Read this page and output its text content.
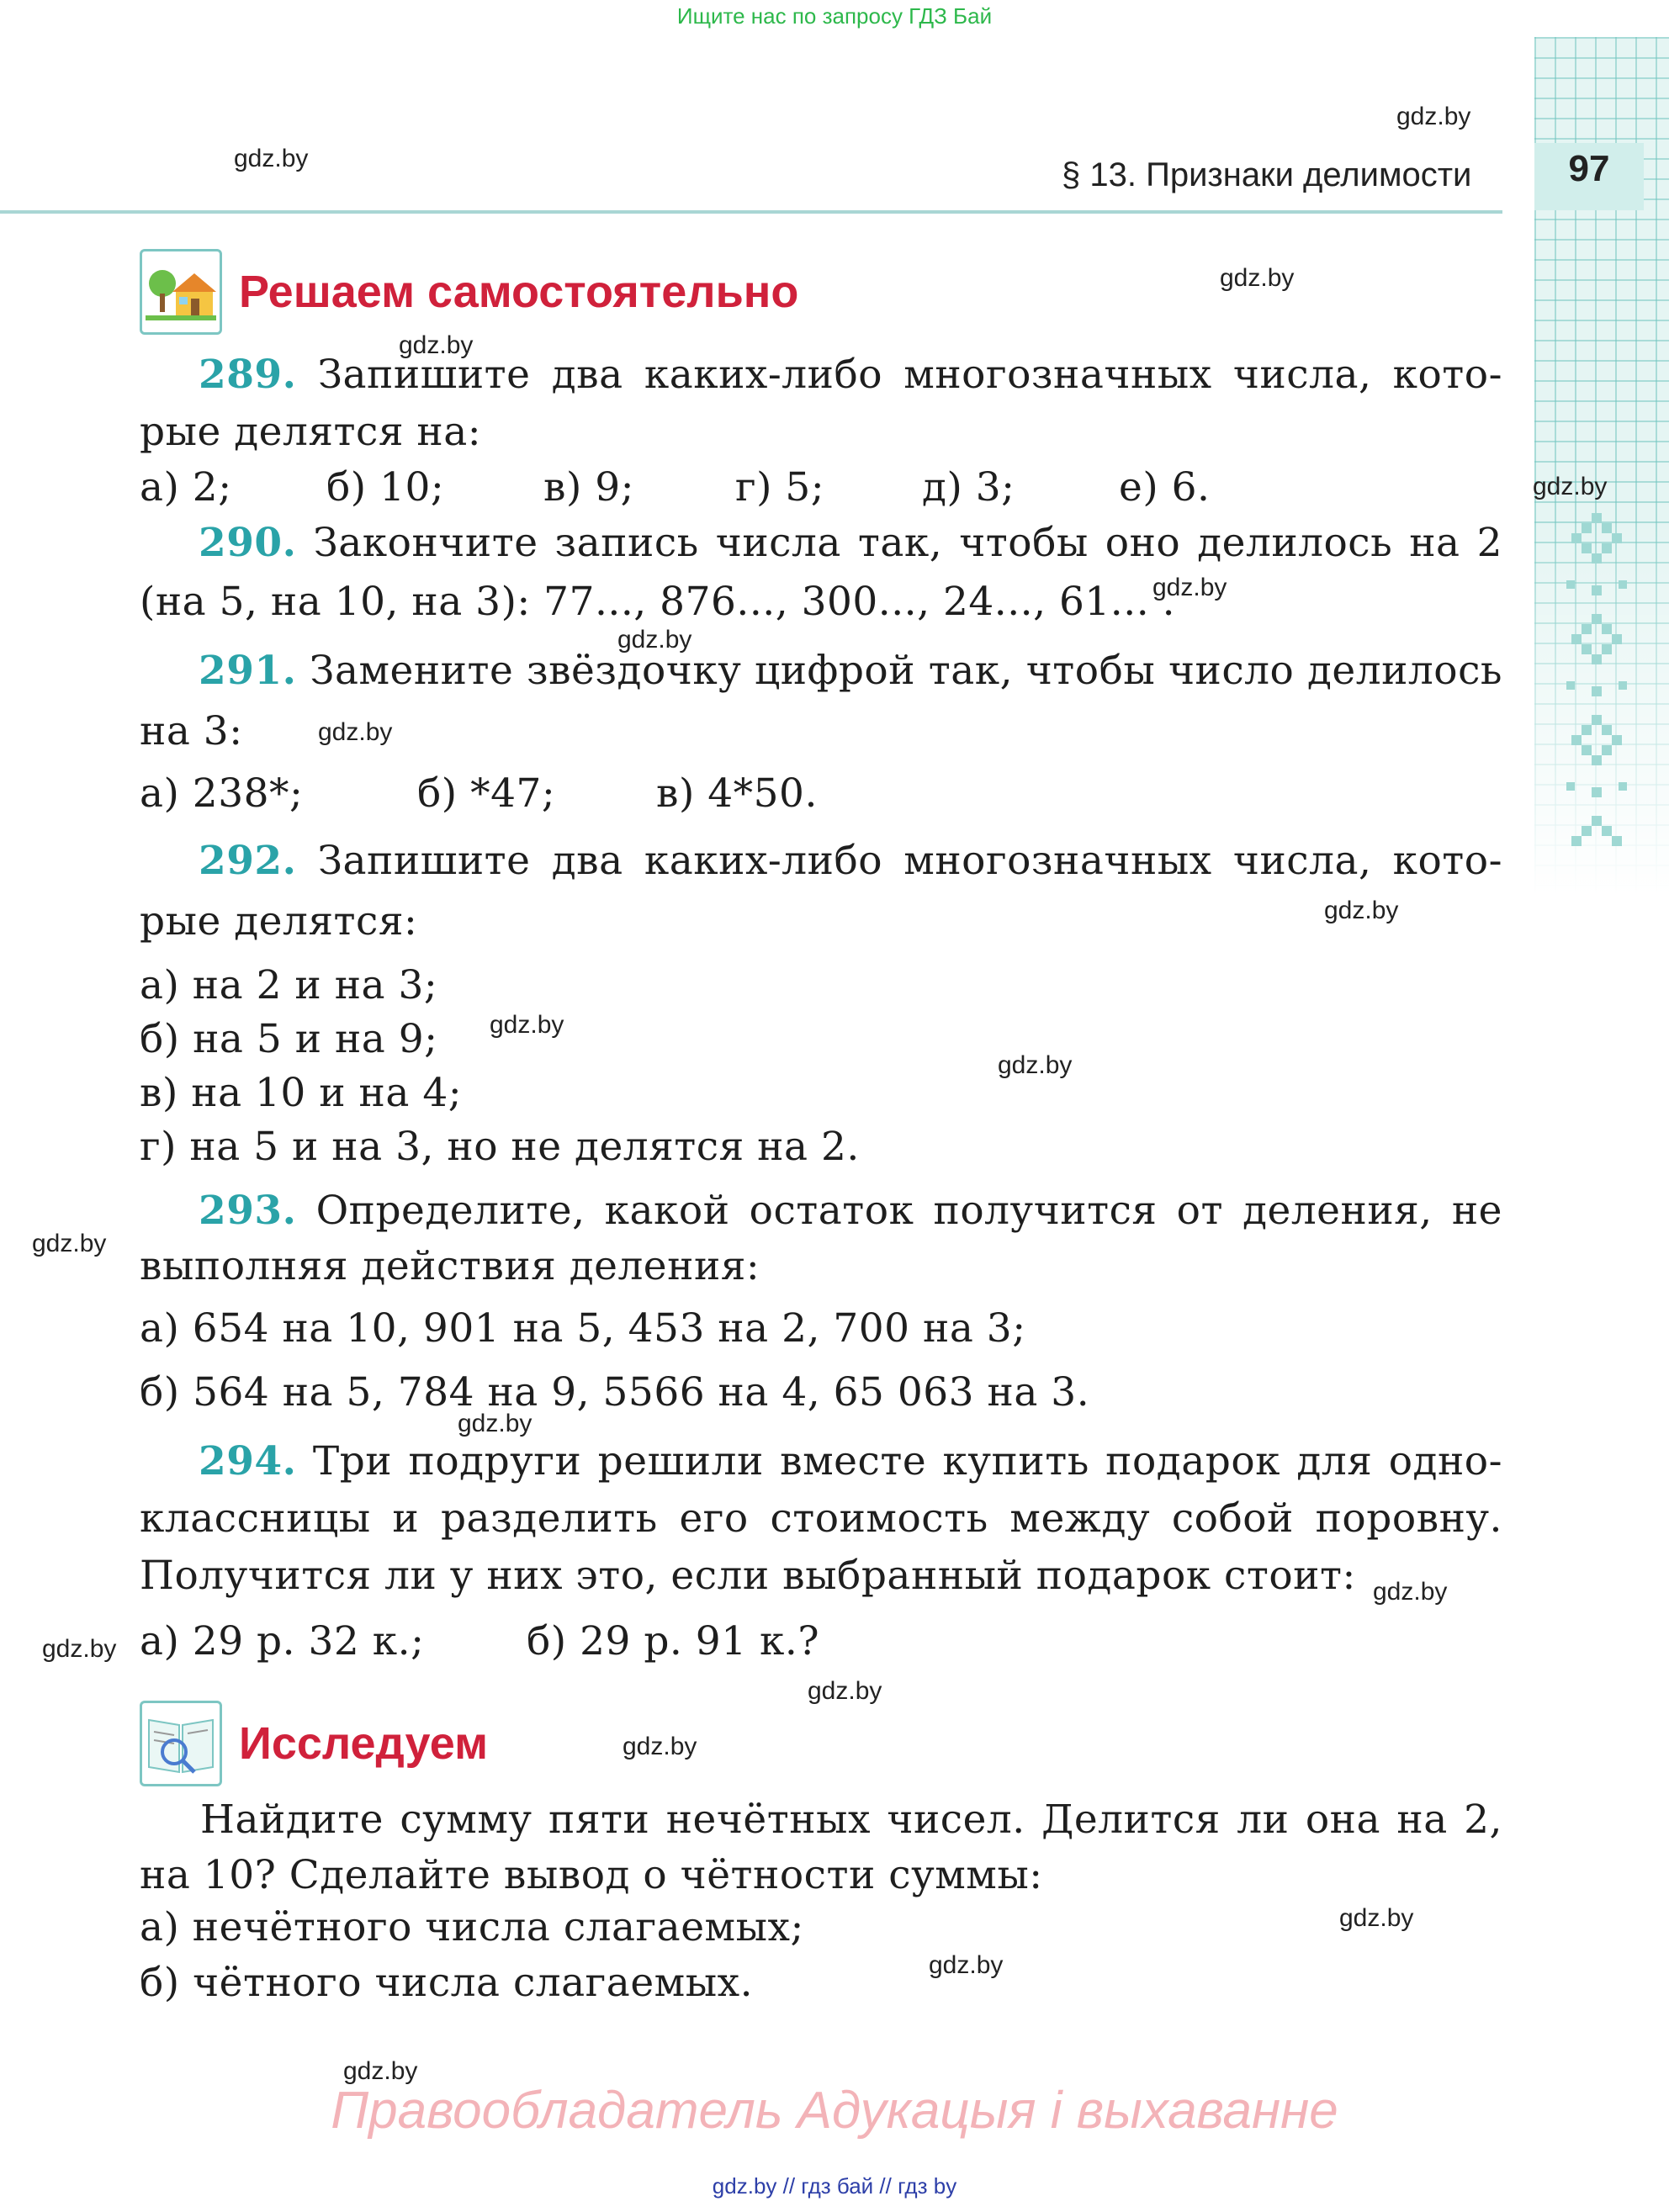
Ищите нас по запросу ГДЗ Бай
97
§ 13. Признаки делимости
Решаем самостоятельно
289. Запишите два каких-либо многозначных числа, кото-
рые делятся на:
а) 2; б) 10;	в) 9;	г) 5; д) 3;	е) 6.
290. Закончите запись числа так, чтобы оно делилось на 2
(на 5, на 10, на 3): 77..., 876..., 300..., 24..., 61... .
291. Замените звёздочку цифрой так, чтобы число делилось
на 3:
а) 238*;	б) *47;	в) 4*50.
292. Запишите два каких-либо многозначных числа, кото-
рые делятся:
а) на 2 и на 3;
б) на 5 и на 9;
в) на 10 и на 4;
г) на 5 и на 3, но не делятся на 2.
293. Определите, какой остаток получится от деления, не
выполняя действия деления:
а) 654 на 10, 901 на 5, 453 на 2, 700 на 3;
б) 564 на 5, 784 на 9, 5566 на 4, 65 063 на 3.
294. Три подруги решили вместе купить подарок для одно-
классницы и разделить его стоимость между собой поровну.
Получится ли у них это, если выбранный подарок стоит:
а) 29 р. 32 к.;	б) 29 р. 91 к.?
Исследуем
Найдите сумму пяти нечётных чисел. Делится ли она на 2,
на 10? Сделайте вывод о чётности суммы:
а) нечётного числа слагаемых;
б) чётного числа слагаемых.
gdz.by
gdz.by
gdz.by
gdz.by
gdz.by
gdz.by
gdz.by
gdz.by
gdz.by
gdz.by
gdz.by
gdz.by
gdz.by
gdz.by
gdz.by
gdz.by
gdz.by
gdz.by
gdz.by
gdz.by
Правообладатель Адукацыя і выхаванне
gdz.by // гдз бай // гдз by
